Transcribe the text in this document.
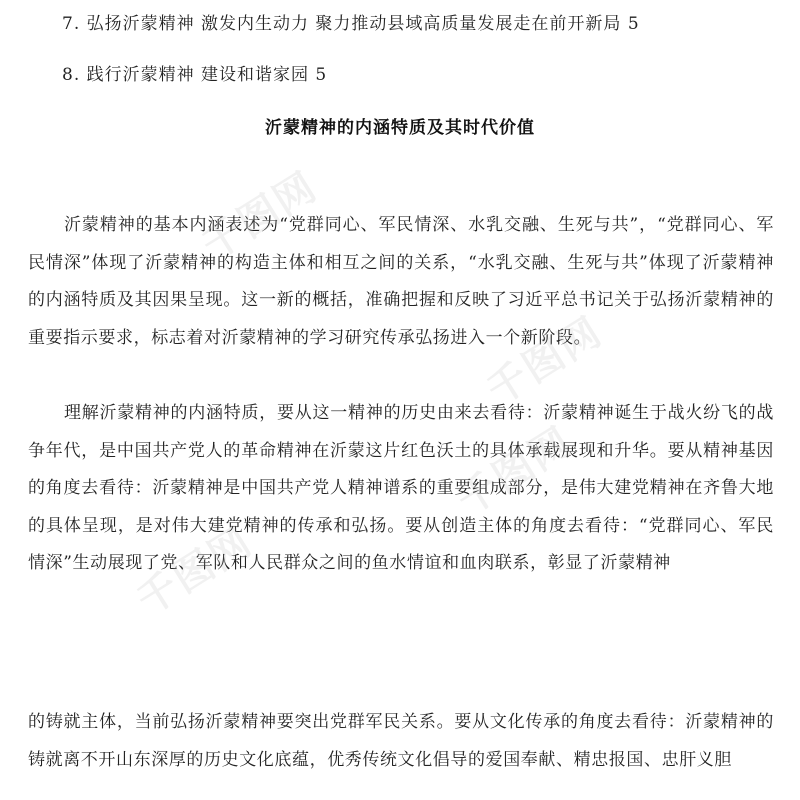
7. 弘扬沂蒙精神 激发内生动力 聚力推动县域高质量发展走在前开新局 5
8. 践行沂蒙精神 建设和谐家园 5
沂蒙精神的内涵特质及其时代价值

沂蒙精神的基本内涵表述为“党群同心、军民情深、水乳交融、生死与共”，“党群同心、军民情深”体现了沂蒙精神的构造主体和相互之间的关系，“水乳交融、生死与共”体现了沂蒙精神的内涵特质及其因果呈现。这一新的概括，准确把握和反映了习近平总书记关于弘扬沂蒙精神的重要指示要求，标志着对沂蒙精神的学习研究传承弘扬进入一个新阶段。

理解沂蒙精神的内涵特质，要从这一精神的历史由来去看待：沂蒙精神诞生于战火纷飞的战争年代，是中国共产党人的革命精神在沂蒙这片红色沃土的具体承载展现和升华。要从精神基因的角度去看待：沂蒙精神是中国共产党人精神谱系的重要组成部分，是伟大建党精神在齐鲁大地的具体呈现，是对伟大建党精神的传承和弘扬。要从创造主体的角度去看待：“党群同心、军民情深”生动展现了党、军队和人民群众之间的鱼水情谊和血肉联系，彰显了沂蒙精神

的铸就主体，当前弘扬沂蒙精神要突出党群军民关系。要从文化传承的角度去看待：沂蒙精神的铸就离不开山东深厚的历史文化底蕴，优秀传统文化倡导的爱国奉献、精忠报国、忠肝义胆

千图网
千图网
千图网
千图网
